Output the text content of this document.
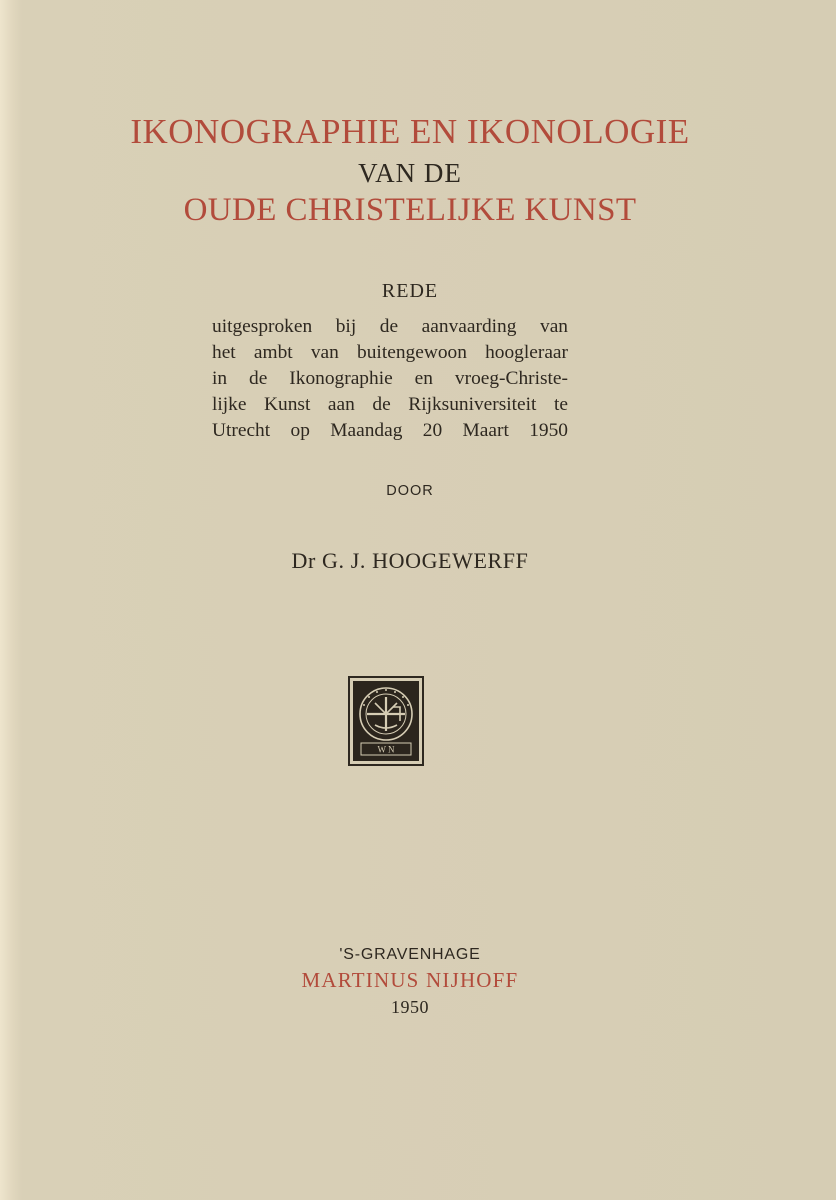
IKONOGRAPHIE EN IKONOLOGIE
VAN DE
OUDE CHRISTELIJKE KUNST
REDE
uitgesproken bij de aanvaarding van
het ambt van buitengewoon hoogleraar
in de Ikonographie en vroeg-Christe-
lijke Kunst aan de Rijksuniversiteit te
Utrecht op Maandag 20 Maart 1950
DOOR
Dr G. J. HOOGEWERFF
W N
'S-GRAVENHAGE
MARTINUS NIJHOFF
1950
